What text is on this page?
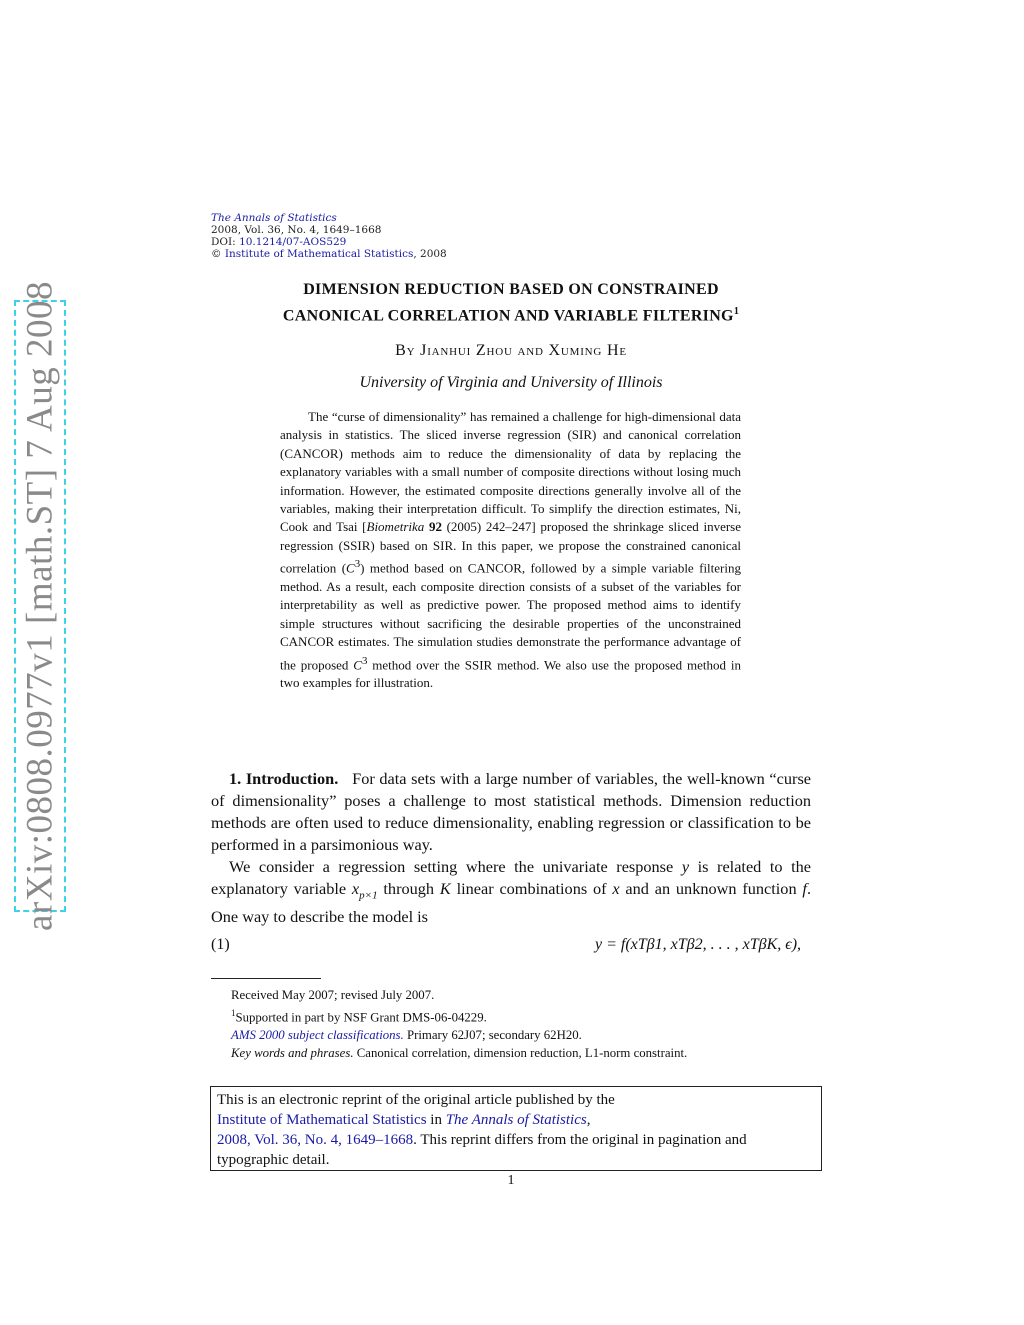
arXiv:0808.0977v1 [math.ST] 7 Aug 2008
The Annals of Statistics
2008, Vol. 36, No. 4, 1649–1668
DOI: 10.1214/07-AOS529
© Institute of Mathematical Statistics, 2008
DIMENSION REDUCTION BASED ON CONSTRAINED
CANONICAL CORRELATION AND VARIABLE FILTERING$^1$
By Jianhui Zhou and Xuming He
University of Virginia and University of Illinois

The “curse of dimensionality” has remained a challenge for high-dimensional data analysis in statistics. The sliced inverse regression (SIR) and canonical correlation (CANCOR) methods aim to reduce the dimensionality of data by replacing the explanatory variables with a small number of composite directions without losing much information. However, the estimated composite directions generally involve all of the variables, making their interpretation difficult. To simplify the direction estimates, Ni, Cook and Tsai [Biometrika 92 (2005) 242–247] proposed the shrinkage sliced inverse regression (SSIR) based on SIR. In this paper, we propose the constrained canonical correlation $(C^3)$ method based on CANCOR, followed by a simple variable filtering method. As a result, each composite direction consists of a subset of the variables for interpretability as well as predictive power. The proposed method aims to identify simple structures without sacrificing the desirable properties of the unconstrained CANCOR estimates. The simulation studies demonstrate the performance advantage of the proposed $C^3$ method over the SSIR method. We also use the proposed method in two examples for illustration.

1. Introduction. For data sets with a large number of variables, the well-known “curse of dimensionality” poses a challenge to most statistical methods. Dimension reduction methods are often used to reduce dimensionality, enabling regression or classification to be performed in a parsimonious way.

We consider a regression setting where the univariate response y is related to the explanatory variable $x_{p\times 1}$ through K linear combinations of x and an unknown function f. One way to describe the model is

(1)	y = f(xTβ1, xTβ2, . . . , xTβK, ϵ),
Received May 2007; revised July 2007.
$^1$Supported in part by NSF Grant DMS-06-04229.
AMS 2000 subject classifications. Primary 62J07; secondary 62H20.
Key words and phrases. Canonical correlation, dimension reduction, L1-norm constraint.
This is an electronic reprint of the original article published by the
Institute of Mathematical Statistics in The Annals of Statistics,
2008, Vol. 36, No. 4, 1649–1668. This reprint differs from the original in pagination and typographic detail.
1
